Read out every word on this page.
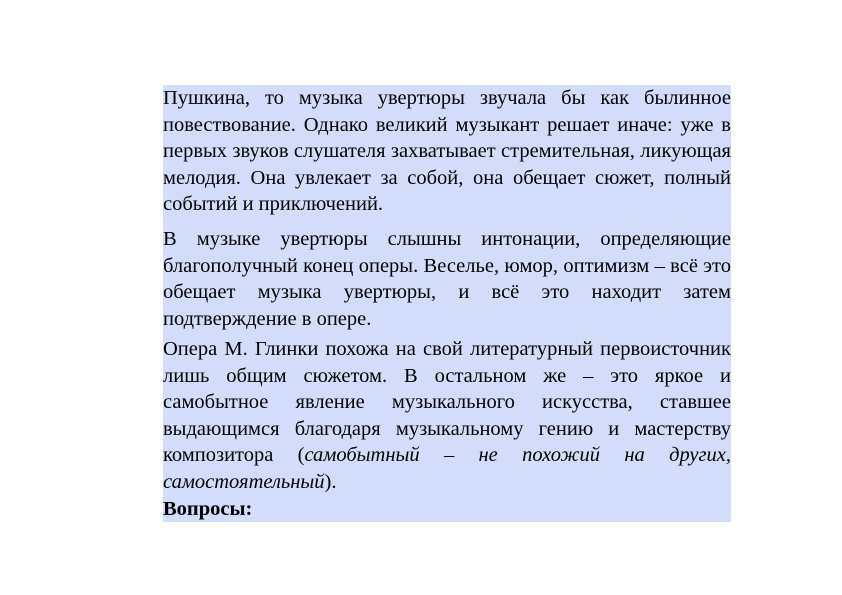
Пушкина, то музыка увертюры звучала бы как былинное повествование. Однако великий музыкант решает иначе: уже в первых звуков слушателя захватывает стремительная, ликующая мелодия. Она увлекает за собой, она обещает сюжет, полный событий и приключений.

В музыке увертюры слышны интонации, определяющие благополучный конец оперы. Веселье, юмор, оптимизм – всё это обещает музыка увертюры, и всё это находит затем подтверждение в опере.

Опера М. Глинки похожа на свой литературный первоисточник лишь общим сюжетом. В остальном же – это яркое и самобытное явление музыкального искусства, ставшее выдающимся благодаря музыкальному гению и мастерству композитора (самобытный – не похожий на других, самостоятельный).

Вопросы:
